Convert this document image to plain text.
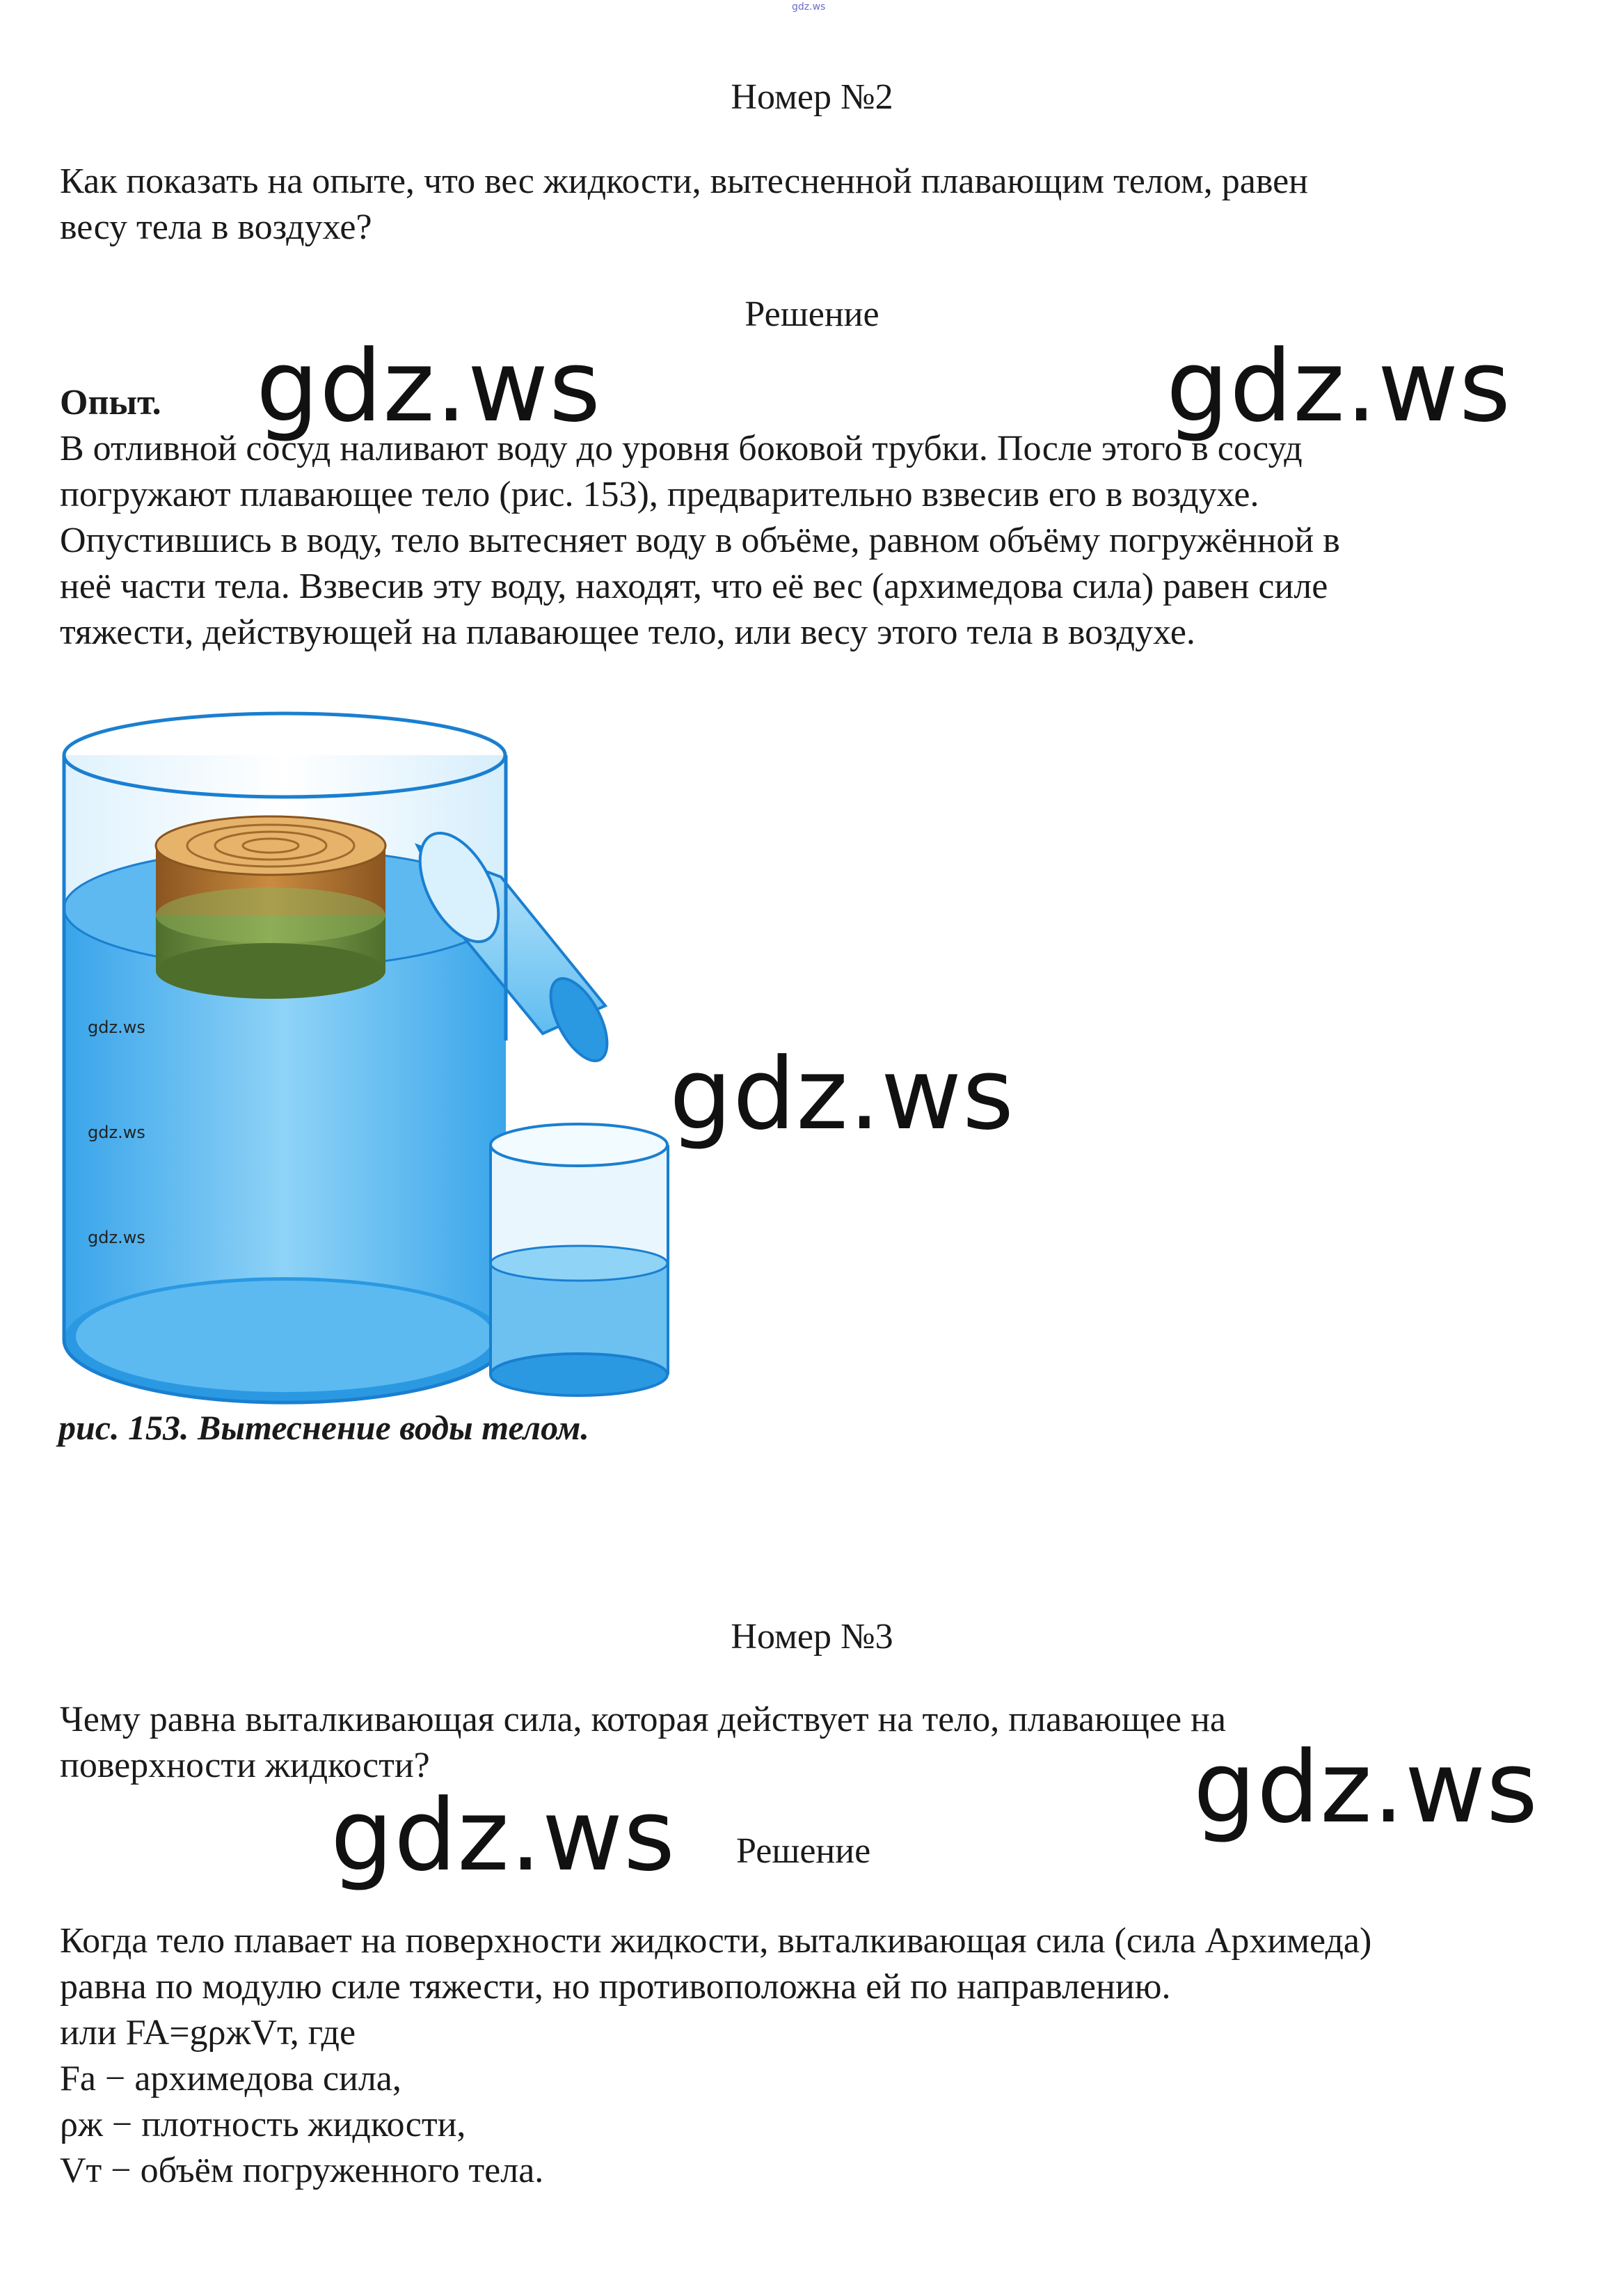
gdz.ws
Номер №2
Как показать на опыте, что вес жидкости, вытесненной плавающим телом, равен
весу тела в воздухе?
Решение
Опыт.
В отливной сосуд наливают воду до уровня боковой трубки. После этого в сосуд
погружают плавающее тело (рис. 153), предварительно взвесив его в воздухе.
Опустившись в воду, тело вытесняет воду в объёме, равном объёму погружённой в
неё части тела. Взвесив эту воду, находят, что её вес (архимедова сила) равен силе
тяжести, действующей на плавающее тело, или весу этого тела в воздухе.
gdz.ws
gdz.ws
gdz.ws
рис. 153. Вытеснение воды телом.
Номер №3
Чему равна выталкивающая сила, которая действует на тело, плавающее на
поверхности жидкости?
Решение
Когда тело плавает на поверхности жидкости, выталкивающая сила (сила Архимеда)
равна по модулю силе тяжести, но противоположна ей по направлению.
или FA=gρжVт, где
Fa − архимедова сила,
ρж − плотность жидкости,
Vт − объём погруженного тела.
gdz.ws	gdz.ws
gdz.ws
gdz.ws
gdz.ws
